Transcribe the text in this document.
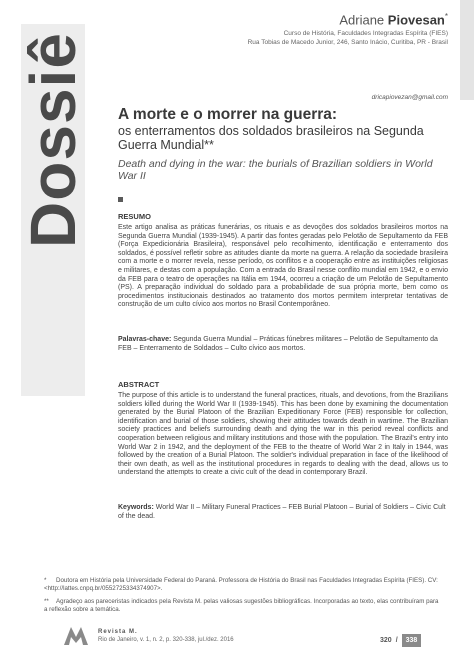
Dossiê
Adriane Piovesan*
Curso de História, Faculdades Integradas Espírita (FIES)
Rua Tobias de Macedo Junior, 246, Santo Inácio, Curitiba, PR - Brasil
dricapiovezan@gmail.com
A morte e o morrer na guerra:
os enterramentos dos soldados brasileiros na Segunda Guerra Mundial**
Death and dying in the war: the burials of Brazilian soldiers in World War II
RESUMO
Este artigo analisa as práticas funerárias, os rituais e as devoções dos soldados brasileiros mortos na Segunda Guerra Mundial (1939-1945). A partir das fontes geradas pelo Pelotão de Sepultamento da FEB (Força Expedicionária Brasileira), responsável pelo recolhimento, identificação e enterramento dos soldados, é possível refletir sobre as atitudes diante da morte na guerra. A relação da sociedade brasileira com a morte e o morrer revela, nesse período, os conflitos e a cooperação entre as instituições religiosas e militares, e destas com a população. Com a entrada do Brasil nesse conflito mundial em 1942, e o envio da FEB para o teatro de operações na Itália em 1944, ocorreu a criação de um Pelotão de Sepultamento (PS). A preparação individual do soldado para a probabilidade de sua própria morte, bem como os procedimentos institucionais destinados ao tratamento dos mortos permitem interpretar tentativas de construção de um culto cívico aos mortos no Brasil Contemporâneo.
Palavras-chave: Segunda Guerra Mundial – Práticas fúnebres militares – Pelotão de Sepultamento da FEB – Enterramento de Soldados – Culto cívico aos mortos.
ABSTRACT
The purpose of this article is to understand the funeral practices, rituals, and devotions, from the Brazilians soldiers killed during the World War II (1939-1945). This has been done by examining the documentation generated by the Burial Platoon of the Brazilian Expeditionary Force (FEB) responsible for collection, identification and burial of those soldiers, showing their attitudes towards death in wartime. The Brazilian society practices and beliefs surrounding death and dying the war in this period reveal conflicts and cooperation between religious and military institutions and those with the population. The Brazil's entry into World War 2 in 1942, and the deployment of the FEB to the theatre of World War 2 in Italy in 1944, was followed by the creation of a Burial Platoon. The soldier's individual preparation in face of the likelihood of their own death, as well as the institutional procedures in regards to dealing with the dead, allows us to understand the attempts to create a civic cult of the dead in contemporary Brazil.
Keywords: World War II – Military Funeral Practices – FEB Burial Platoon – Burial of Soldiers – Civic Cult of the dead.
* Doutora em História pela Universidade Federal do Paraná. Professora de História do Brasil nas Faculdades Integradas Espírita (FIES). CV: <http://lattes.cnpq.br/0552725334374907>.
** Agradeço aos pareceristas indicados pela Revista M. pelas valiosas sugestões bibliográficas. Incorporadas ao texto, elas contribuíram para a reflexão sobre a temática.
Revista M.
Rio de Janeiro, v. 1, n. 2, p. 320-338, jul./dez. 2016	320 / 338
